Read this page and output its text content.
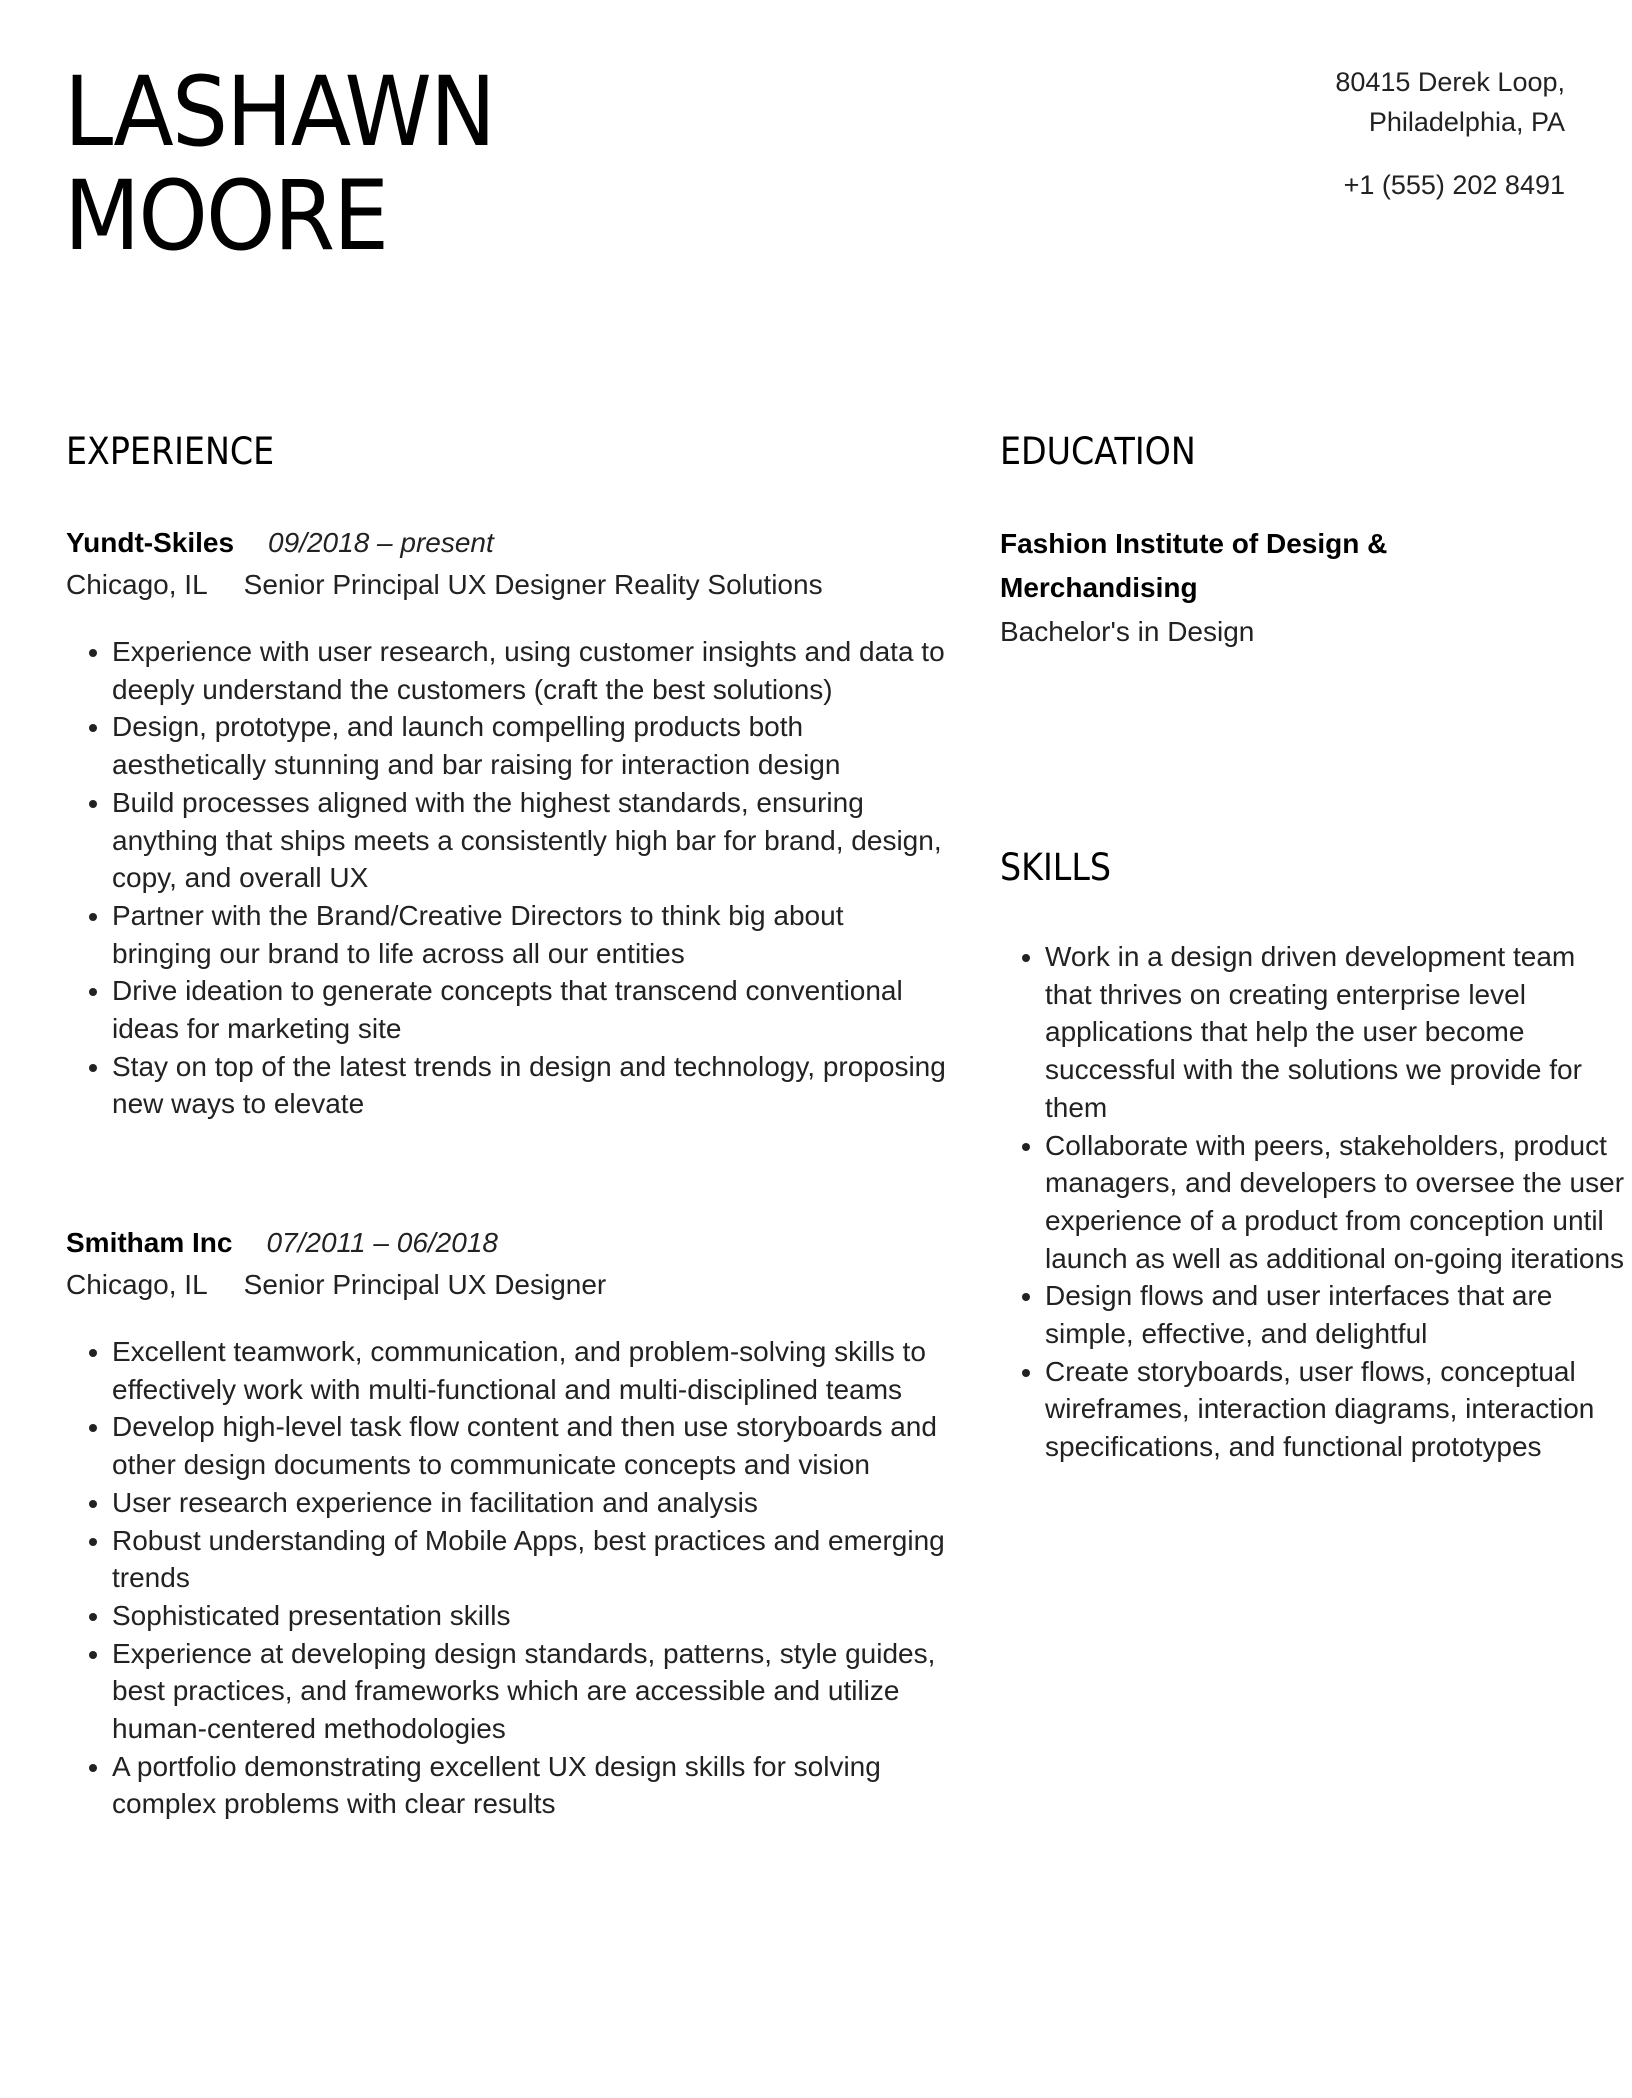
LASHAWN
MOORE
80415 Derek Loop,
Philadelphia, PA
+1 (555) 202 8491
EXPERIENCE
Yundt-Skiles 09/2018 – present
Chicago, IL Senior Principal UX Designer Reality Solutions
• Experience with user research, using customer insights and data to deeply understand the customers (craft the best solutions)
• Design, prototype, and launch compelling products both aesthetically stunning and bar raising for interaction design
• Build processes aligned with the highest standards, ensuring anything that ships meets a consistently high bar for brand, design, copy, and overall UX
• Partner with the Brand/Creative Directors to think big about bringing our brand to life across all our entities
• Drive ideation to generate concepts that transcend conventional ideas for marketing site
• Stay on top of the latest trends in design and technology, proposing new ways to elevate
Smitham Inc 07/2011 – 06/2018
Chicago, IL Senior Principal UX Designer
• Excellent teamwork, communication, and problem-solving skills to effectively work with multi-functional and multi-disciplined teams
• Develop high-level task flow content and then use storyboards and other design documents to communicate concepts and vision
• User research experience in facilitation and analysis
• Robust understanding of Mobile Apps, best practices and emerging trends
• Sophisticated presentation skills
• Experience at developing design standards, patterns, style guides, best practices, and frameworks which are accessible and utilize human-centered methodologies
• A portfolio demonstrating excellent UX design skills for solving complex problems with clear results
EDUCATION
Fashion Institute of Design & Merchandising
Bachelor's in Design
SKILLS
• Work in a design driven development team that thrives on creating enterprise level applications that help the user become successful with the solutions we provide for them
• Collaborate with peers, stakeholders, product managers, and developers to oversee the user experience of a product from conception until launch as well as additional on-going iterations
• Design flows and user interfaces that are simple, effective, and delightful
• Create storyboards, user flows, conceptual wireframes, interaction diagrams, interaction specifications, and functional prototypes
